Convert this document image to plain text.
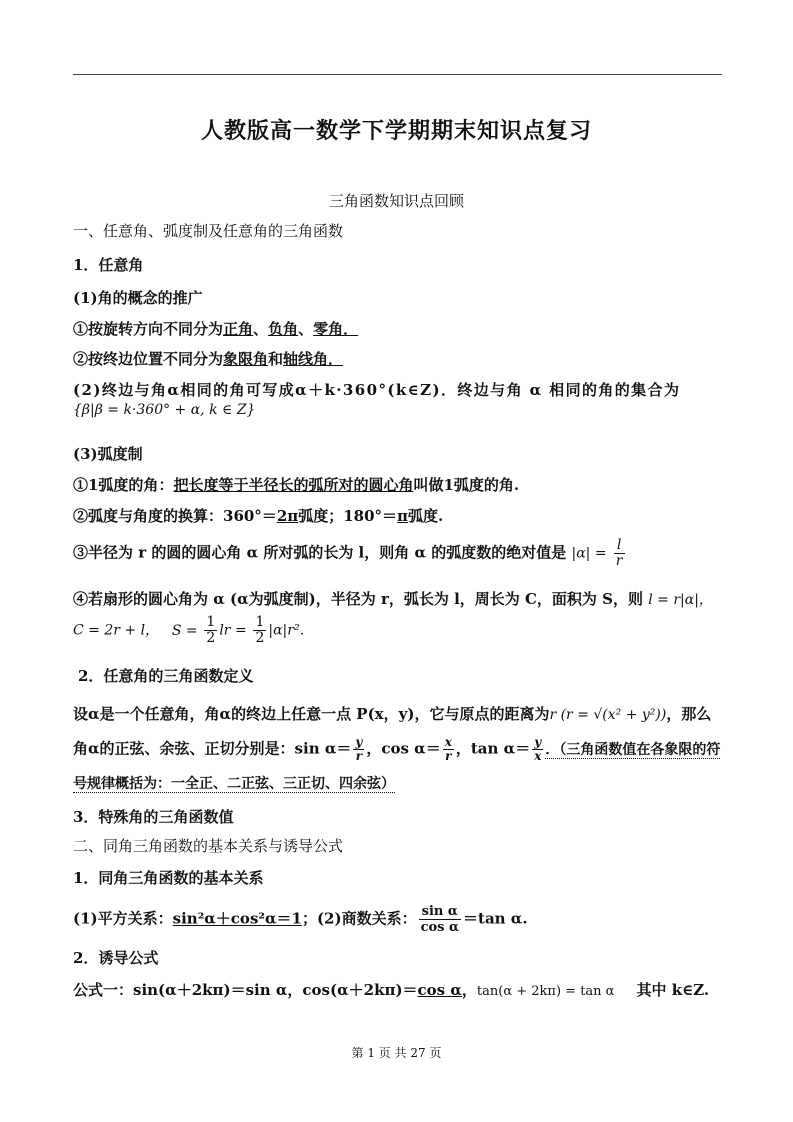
人教版高一数学下学期期末知识点复习
三角函数知识点回顾
一、任意角、弧度制及任意角的三角函数
1．任意角
(1)角的概念的推广
①按旋转方向不同分为正角、负角、零角．
②按终边位置不同分为象限角和轴线角．
(2)终边与角α相同的角可写成α＋k·360°(k∈Z)．终边与角 α 相同的角的集合为
{β|β = k·360° + α, k ∈ Z}
(3)弧度制
①1弧度的角：把长度等于半径长的弧所对的圆心角叫做1弧度的角.
②弧度与角度的换算：360°＝2π弧度；180°＝π弧度.
③半径为 r 的圆的圆心角 α 所对弧的长为 l，则角 α 的弧度数的绝对值是 $|\alpha| = \frac{l}{r}$
④若扇形的圆心角为 α (α为弧度制)，半径为 r，弧长为 l，周长为 C，面积为 S，则 l = r|α|，
C = 2r + l， $S = \frac{1}{2}$ lr = $\frac{1}{2} |\alpha|r^2$．
2．任意角的三角函数定义
设α是一个任意角，角α的终边上任意一点 P(x，y)，它与原点的距离为r (r = √(x² + y²))，那么
角α的正弦、余弦、正切分别是：$\sin \alpha= \frac{y}{r}$ ，$\cos \alpha= \frac{x}{r}$ ，$\tan \alpha= \frac{y}{x}$ ．（三角函数值在各象限的符
号规律概括为：一全正、二正弦、三正切、四余弦）
3．特殊角的三角函数值
二、同角三角函数的基本关系与诱导公式
1．同角三角函数的基本关系
(1)平方关系：sin²α＋cos²α＝1；(2)商数关系： $\frac{\text{sin α}}{\text{cos α}} =\tan$ α.
2．诱导公式
公式一：sin(α＋2kπ)＝sin α，cos(α＋2kπ)＝cos α，tan(α + 2kπ) = tan α 其中 k∈Z.
第 1 页 共 27 页
